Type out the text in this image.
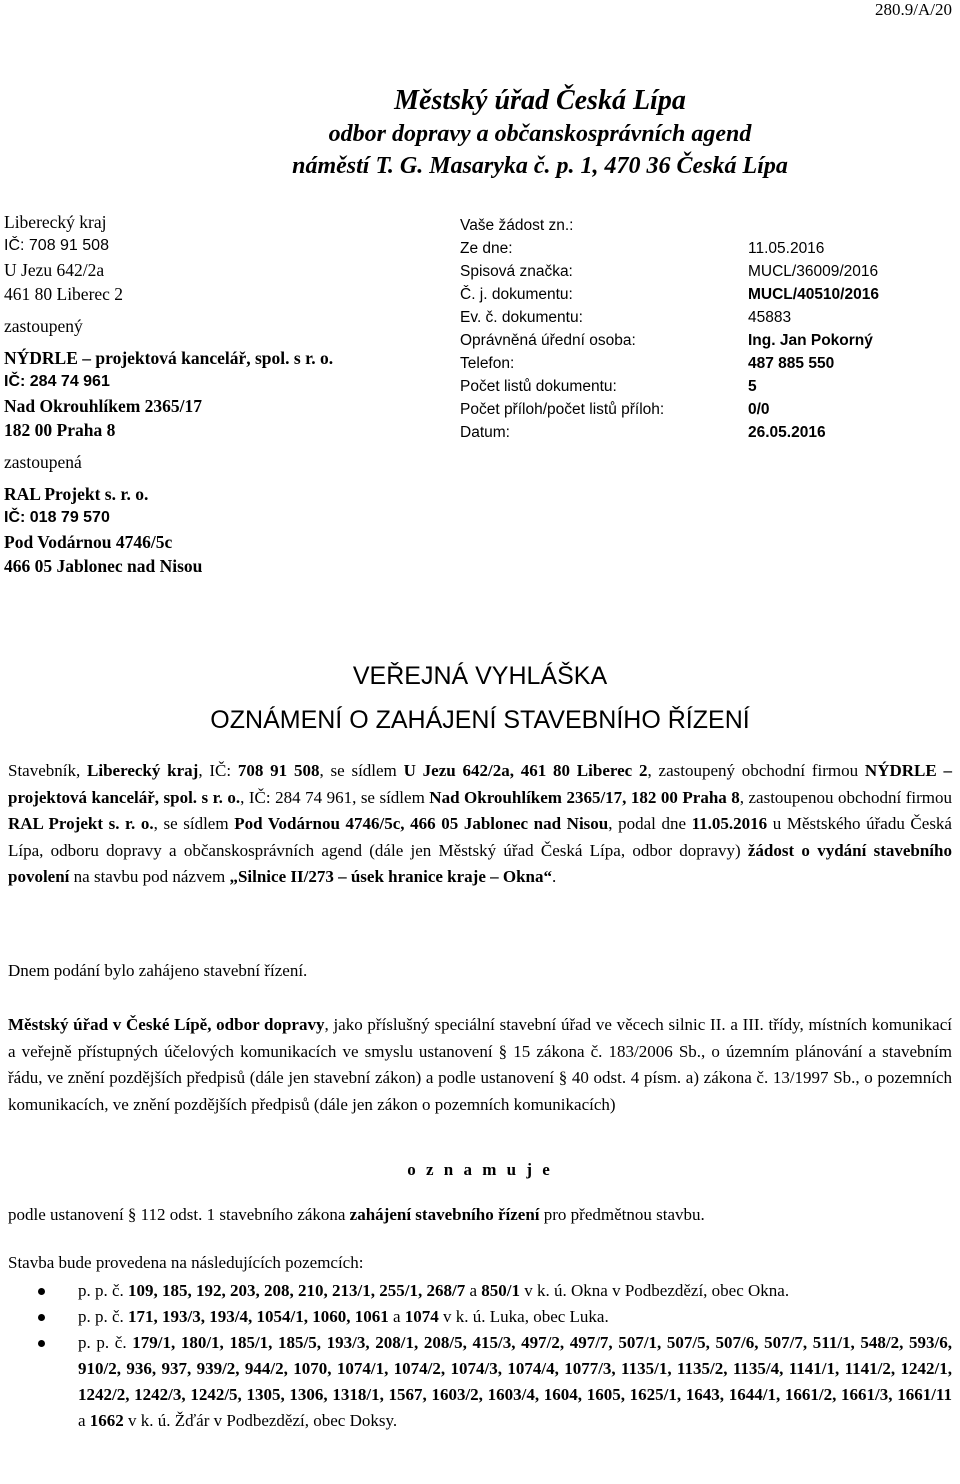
280.9/A/20
Městský úřad Česká Lípa
odbor dopravy a občanskosprávních agend
náměstí T. G. Masaryka č. p. 1, 470 36 Česká Lípa
Liberecký kraj
IČ: 708 91 508
U Jezu 642/2a
461 80 Liberec 2
zastoupený
NÝDRLE – projektová kancelář, spol. s r. o.
IČ: 284 74 961
Nad Okrouhlíkem 2365/17
182 00 Praha 8
zastoupená
RAL Projekt s. r. o.
IČ: 018 79 570
Pod Vodárnou 4746/5c
466 05 Jablonec nad Nisou
Vaše žádost zn.:
Ze dne:	11.05.2016
Spisová značka:	MUCL/36009/2016
Č. j. dokumentu:	MUCL/40510/2016
Ev. č. dokumentu:	45883
Oprávněná úřední osoba:	Ing. Jan Pokorný
Telefon:	487 885 550
Počet listů dokumentu:	5
Počet příloh/počet listů příloh:	0/0
Datum:	26.05.2016
VEŘEJNÁ VYHLÁŠKA
OZNÁMENÍ O ZAHÁJENÍ STAVEBNÍHO ŘÍZENÍ
Stavebník, Liberecký kraj, IČ: 708 91 508, se sídlem U Jezu 642/2a, 461 80 Liberec 2, zastoupený obchodní firmou NÝDRLE – projektová kancelář, spol. s r. o., IČ: 284 74 961, se sídlem Nad Okrouhlíkem 2365/17, 182 00 Praha 8, zastoupenou obchodní firmou RAL Projekt s. r. o., se sídlem Pod Vodárnou 4746/5c, 466 05 Jablonec nad Nisou, podal dne 11.05.2016 u Městského úřadu Česká Lípa, odboru dopravy a občanskosprávních agend (dále jen Městský úřad Česká Lípa, odbor dopravy) žádost o vydání stavebního povolení na stavbu pod názvem „Silnice II/273 – úsek hranice kraje – Okna“.
Dnem podání bylo zahájeno stavební řízení.
Městský úřad v České Lípě, odbor dopravy, jako příslušný speciální stavební úřad ve věcech silnic II. a III. třídy, místních komunikací a veřejně přístupných účelových komunikacích ve smyslu ustanovení § 15 zákona č. 183/2006 Sb., o územním plánování a stavebním řádu, ve znění pozdějších předpisů (dále jen stavební zákon) a podle ustanovení § 40 odst. 4 písm. a) zákona č. 13/1997 Sb., o pozemních komunikacích, ve znění pozdějších předpisů (dále jen zákon o pozemních komunikacích)
o z n a m u j e
podle ustanovení § 112 odst. 1 stavebního zákona zahájení stavebního řízení pro předmětnou stavbu.
Stavba bude provedena na následujících pozemcích:
p. p. č. 109, 185, 192, 203, 208, 210, 213/1, 255/1, 268/7 a 850/1 v k. ú. Okna v Podbezdězí, obec Okna.
p. p. č. 171, 193/3, 193/4, 1054/1, 1060, 1061 a 1074 v k. ú. Luka, obec Luka.
p. p. č. 179/1, 180/1, 185/1, 185/5, 193/3, 208/1, 208/5, 415/3, 497/2, 497/7, 507/1, 507/5, 507/6, 507/7, 511/1, 548/2, 593/6, 910/2, 936, 937, 939/2, 944/2, 1070, 1074/1, 1074/2, 1074/3, 1074/4, 1077/3, 1135/1, 1135/2, 1135/4, 1141/1, 1141/2, 1242/1, 1242/2, 1242/3, 1242/5, 1305, 1306, 1318/1, 1567, 1603/2, 1603/4, 1604, 1605, 1625/1, 1643, 1644/1, 1661/2, 1661/3, 1661/11 a 1662 v k. ú. Žďár v Podbezdězí, obec Doksy.
